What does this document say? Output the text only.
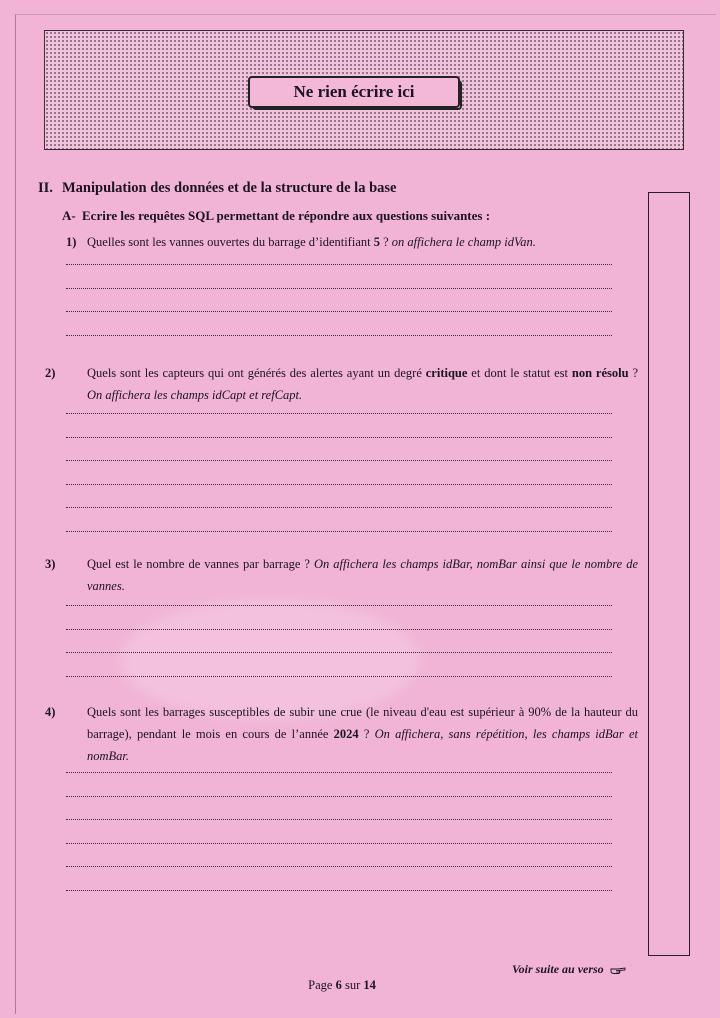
Ne rien écrire ici
II. Manipulation des données et de la structure de la base
A- Ecrire les requêtes SQL permettant de répondre aux questions suivantes :
1) Quelles sont les vannes ouvertes du barrage d’identifiant 5 ? on affichera le champ idVan.
2)	Quels sont les capteurs qui ont générés des alertes ayant un degré critique et dont le statut est non résolu ? On affichera les champs idCapt et refCapt.
3)	Quel est le nombre de vannes par barrage ? On affichera les champs idBar, nomBar ainsi que le nombre de vannes.
4)	Quels sont les barrages susceptibles de subir une crue (le niveau d'eau est supérieur à 90% de la hauteur du barrage), pendant le mois en cours de l’année 2024 ? On affichera, sans répétition, les champs idBar et nomBar.
Voir suite au verso
Page 6 sur 14
